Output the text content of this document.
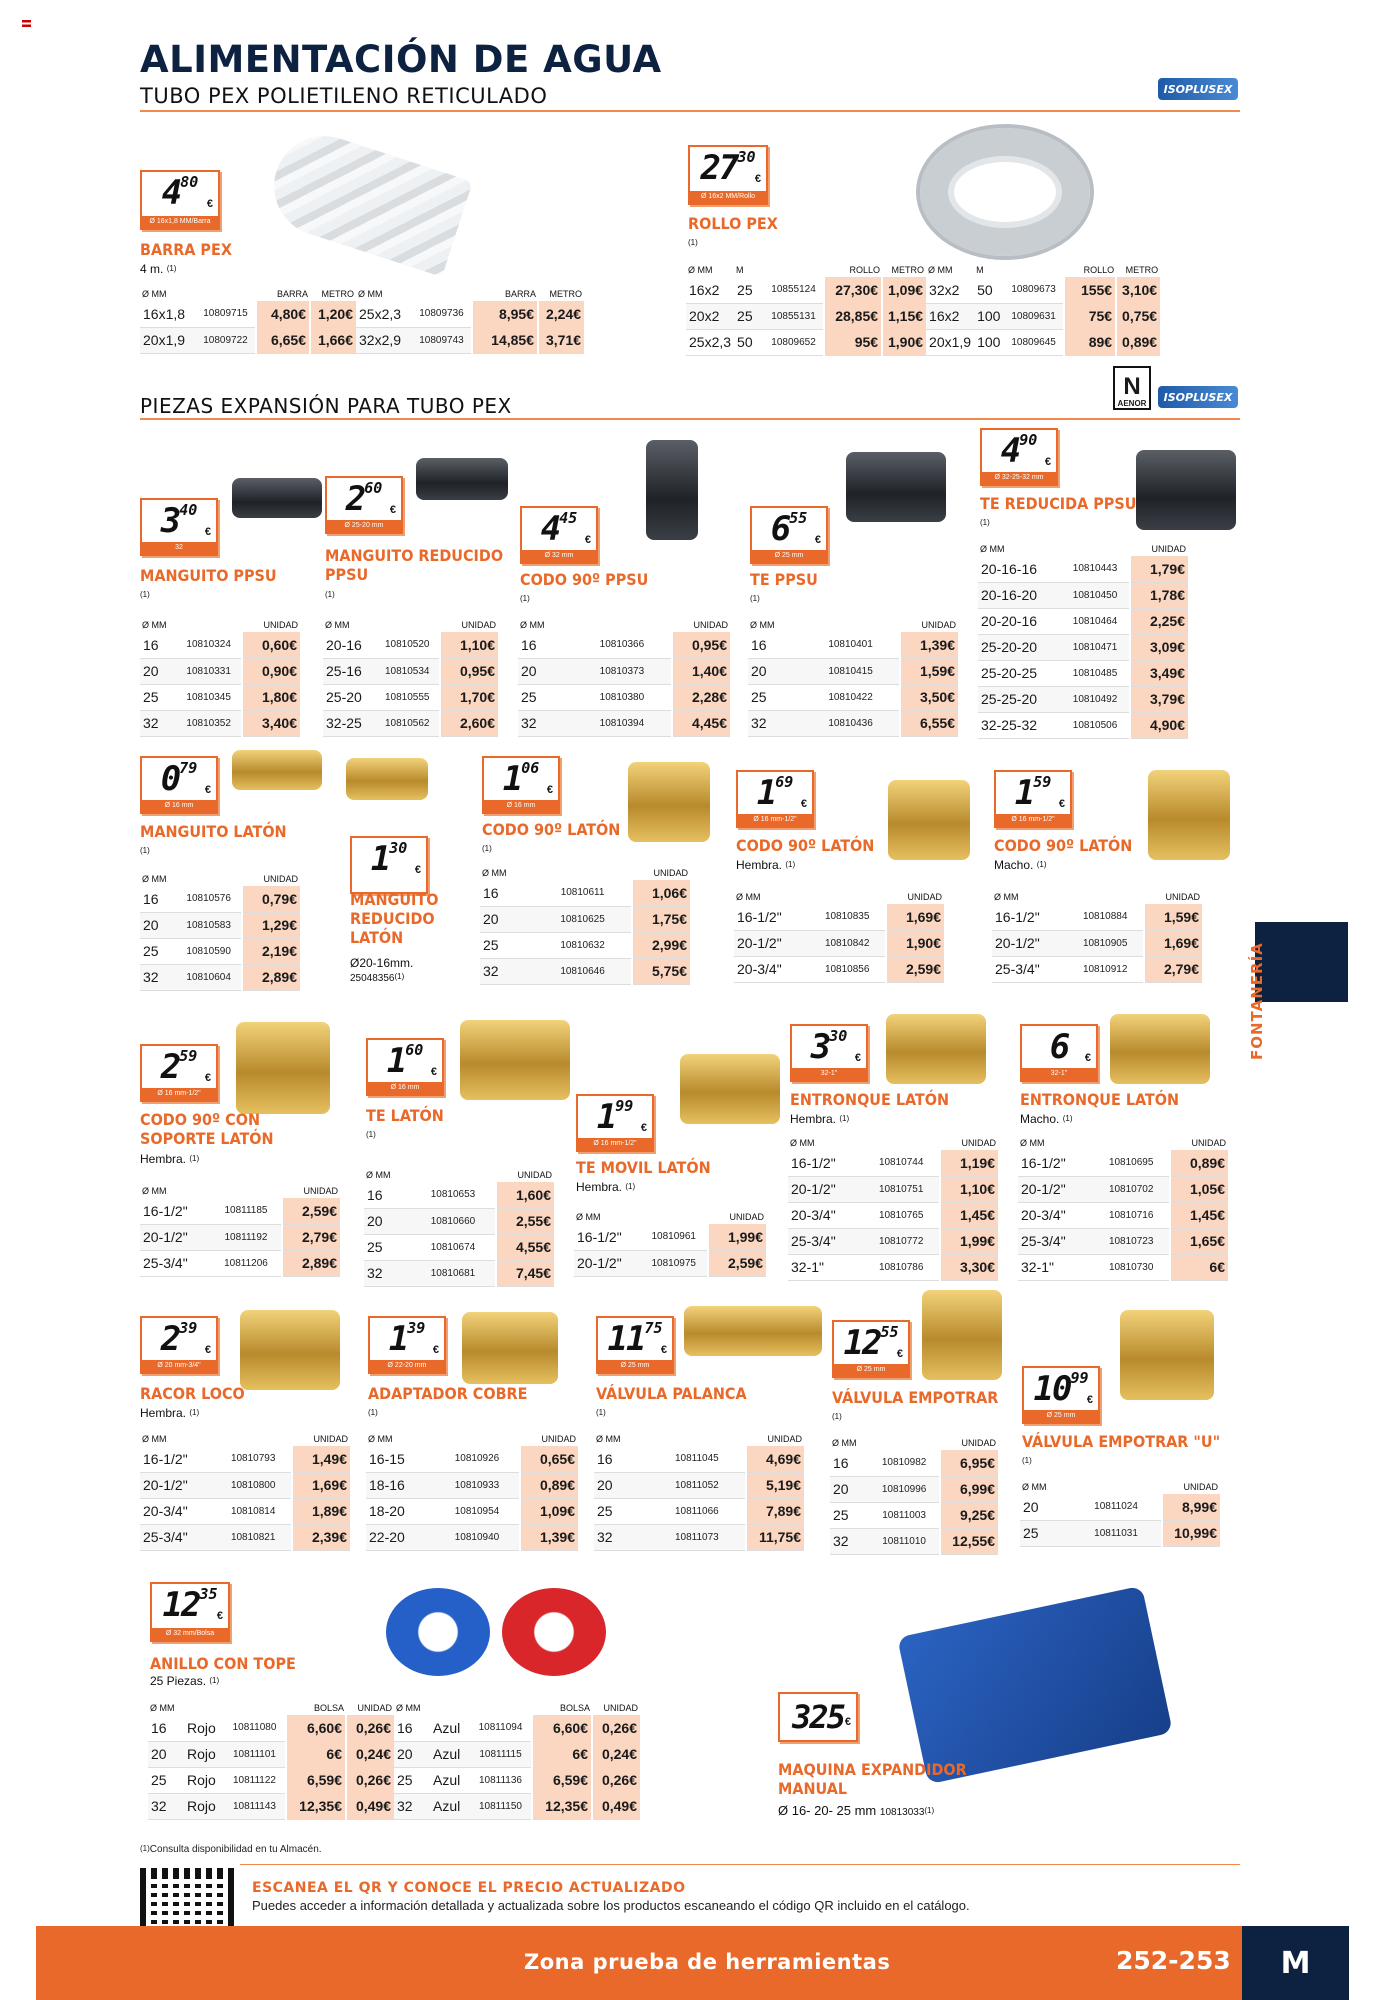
ALIMENTACIÓN DE AGUA
TUBO PEX POLIETILENO RETICULADO	ISOPLUSEX
$4^{80}$
€
Ø 16x1,8 MM/Barra
BARRA PEX
4 m. $^{(1)}$
Ø MM		BARRA	METRO	Ø MM		BARRA	METRO
16x1,8	10809715	4,80€	1,20€	25x2,3	10809736	8,95€	2,24€
20x1,9	10809722	6,65€	1,66€	32x2,9	10809743	14,85€	3,71€
$27^{30}$
€
Ø 16x2 MM/Rollo
ROLLO PEX
$^{(1)}$
Ø MM	M		ROLLO	METRO	Ø MM	M		ROLLO	METRO
16x2	25	10855124	27,30€	1,09€	32x2	50	10809673	155€	3,10€
20x2	25	10855131	28,85€	1,15€	16x2	100	10809631	75€	0,75€
25x2,3	50	10809652	95€	1,90€	20x1,9	100	10809645	89€	0,89€
PIEZAS EXPANSIÓN PARA TUBO PEX
N
AENOR	ISOPLUSEX
$3^{40}$
€
32
MANGUITO PPSU
$^{(1)}$
Ø MM		UNIDAD
16	10810324	0,60€
20	10810331	0,90€
25	10810345	1,80€
32	10810352	3,40€
$2^{60}$
€
Ø 25-20 mm
MANGUITO REDUCIDO PPSU
$^{(1)}$
Ø MM		UNIDAD
20-16	10810520	1,10€
25-16	10810534	0,95€
25-20	10810555	1,70€
32-25	10810562	2,60€
$4^{45}$
€
Ø 32 mm
CODO 90º PPSU
$^{(1)}$
Ø MM		UNIDAD
16	10810366	0,95€
20	10810373	1,40€
25	10810380	2,28€
32	10810394	4,45€
$6^{55}$
€
Ø 25 mm
TE PPSU
$^{(1)}$
Ø MM		UNIDAD
16	10810401	1,39€
20	10810415	1,59€
25	10810422	3,50€
32	10810436	6,55€
$4^{90}$
€
Ø 32-25-32 mm
TE REDUCIDA PPSU
$^{(1)}$
Ø MM		UNIDAD
20-16-16	10810443	1,79€
20-16-20	10810450	1,78€
20-20-16	10810464	2,25€
25-20-20	10810471	3,09€
25-20-25	10810485	3,49€
25-25-20	10810492	3,79€
32-25-32	10810506	4,90€
$0^{79}$
€
Ø 16 mm
MANGUITO LATÓN
$^{(1)}$
Ø MM		UNIDAD
16	10810576	0,79€
20	10810583	1,29€
25	10810590	2,19€
32	10810604	2,89€
$1^{30}$
€
MANGUITO REDUCIDO LATÓN
Ø20-16mm.
25048356$^{(1)}$
$1^{06}$
€
Ø 16 mm
CODO 90º LATÓN
$^{(1)}$
Ø MM		UNIDAD
16	10810611	1,06€
20	10810625	1,75€
25	10810632	2,99€
32	10810646	5,75€
$1^{69}$
€
Ø 16 mm-1/2"
CODO 90º LATÓN
Hembra. $^{(1)}$
Ø MM		UNIDAD
16-1/2"	10810835	1,69€
20-1/2"	10810842	1,90€
20-3/4"	10810856	2,59€
$1^{59}$
€
Ø 16 mm-1/2"
CODO 90º LATÓN
Macho. $^{(1)}$
Ø MM		UNIDAD
16-1/2"	10810884	1,59€
20-1/2"	10810905	1,69€
25-3/4"	10810912	2,79€
$2^{59}$
€
Ø 16 mm-1/2"
CODO 90º CON SOPORTE LATÓN
Hembra. $^{(1)}$
Ø MM		UNIDAD
16-1/2"	10811185	2,59€
20-1/2"	10811192	2,79€
25-3/4"	10811206	2,89€
$1^{60}$
€
Ø 16 mm
TE LATÓN
$^{(1)}$
Ø MM		UNIDAD
16	10810653	1,60€
20	10810660	2,55€
25	10810674	4,55€
32	10810681	7,45€
$1^{99}$
€
Ø 16 mm-1/2"
TE MOVIL LATÓN
Hembra. $^{(1)}$
Ø MM		UNIDAD
16-1/2"	10810961	1,99€
20-1/2"	10810975	2,59€
$3^{30}$
€
32-1"
ENTRONQUE LATÓN
Hembra. $^{(1)}$
Ø MM		UNIDAD
16-1/2"	10810744	1,19€
20-1/2"	10810751	1,10€
20-3/4"	10810765	1,45€
25-3/4"	10810772	1,99€
32-1"	10810786	3,30€
6	€
32-1"
ENTRONQUE LATÓN
Macho. $^{(1)}$
Ø MM		UNIDAD
16-1/2"	10810695	0,89€
20-1/2"	10810702	1,05€
20-3/4"	10810716	1,45€
25-3/4"	10810723	1,65€
32-1"	10810730	6€
$2^{39}$
€
Ø 20 mm-3/4"
RACOR LOCO
Hembra. $^{(1)}$
Ø MM		UNIDAD
16-1/2"	10810793	1,49€
20-1/2"	10810800	1,69€
20-3/4"	10810814	1,89€
25-3/4"	10810821	2,39€
$1^{39}$
€
Ø 22-20 mm
ADAPTADOR COBRE
$^{(1)}$
Ø MM		UNIDAD
16-15	10810926	0,65€
18-16	10810933	0,89€
18-20	10810954	1,09€
22-20	10810940	1,39€
$11^{75}$
€
Ø 25 mm
VÁLVULA PALANCA
$^{(1)}$
Ø MM		UNIDAD
16	10811045	4,69€
20	10811052	5,19€
25	10811066	7,89€
32	10811073	11,75€
$12^{55}$
€
Ø 25 mm
VÁLVULA EMPOTRAR
$^{(1)}$
Ø MM		UNIDAD
16	10810982	6,95€
20	10810996	6,99€
25	10811003	9,25€
32	10811010	12,55€
$10^{99}$
€
Ø 25 mm
VÁLVULA EMPOTRAR "U"
$^{(1)}$
Ø MM		UNIDAD
20	10811024	8,99€
25	10811031	10,99€
$12^{35}$
€
Ø 32 mm/Bolsa
ANILLO CON TOPE
25 Piezas. $^{(1)}$
Ø MM			BOLSA	UNIDAD	Ø MM			BOLSA	UNIDAD
16	Rojo	10811080	6,60€	0,26€	16	Azul	10811094	6,60€	0,26€
20	Rojo	10811101	6€	0,24€	20	Azul	10811115	6€	0,24€
25	Rojo	10811122	6,59€	0,26€	25	Azul	10811136	6,59€	0,26€
32	Rojo	10811143	12,35€	0,49€	32	Azul	10811150	12,35€	0,49€
325 €
MAQUINA EXPANDIDOR MANUAL
Ø 16- 20- 25 mm 10813033$^{(1)}$
FONTANERÍA
$^{(1)}$Consulta disponibilidad en tu Almacén.
ESCANEA EL QR Y CONOCE EL PRECIO ACTUALIZADO
Puedes acceder a información detallada y actualizada sobre los productos escaneando el código QR incluido en el catálogo.
Zona prueba de herramientas	252-253	M
